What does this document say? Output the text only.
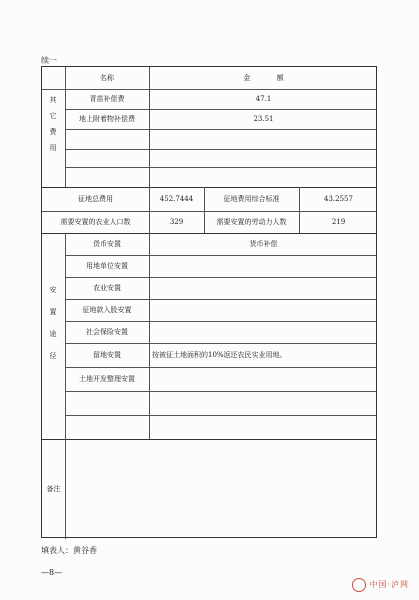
续一
其
它
费
用
名称	金	额
青苗补偿费	47.1
地上附着物补偿费	23.51
征地总费用	452.7444	征地费用综合标准	43.2557
需要安置的农业人口数	329	需要安置的劳动力人数	219
安
置
途
径
货币安置	货币补偿
用地单位安置
农业安置
征地款入股安置
社会保险安置
留地安置	按被征土地面积的10%返还农民实业用地。
土地开发整理安置
备注
填表人：黄谷香
—8—
中国·泸网
